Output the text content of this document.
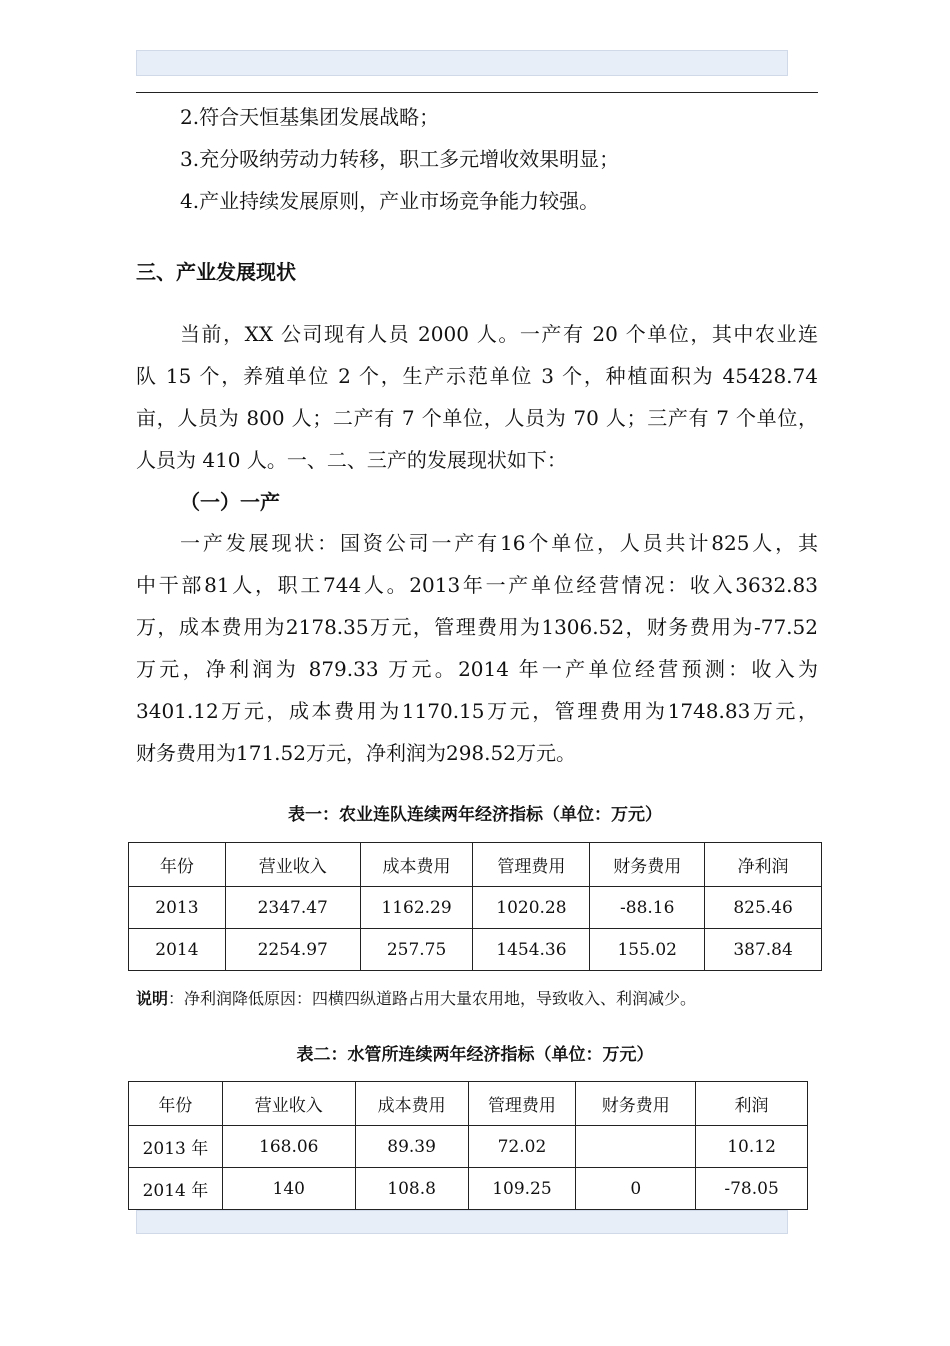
2.符合天恒基集团发展战略；
3.充分吸纳劳动力转移，职工多元增收效果明显；
4.产业持续发展原则，产业市场竞争能力较强。
三、产业发展现状
当前，XX 公司现有人员 2000 人。一产有 20 个单位，其中农业连
队 15 个，养殖单位 2 个，生产示范单位 3 个，种植面积为 45428.74
亩，人员为 800 人；二产有 7 个单位，人员为 70 人；三产有 7 个单位，
人员为 410 人。一、二、三产的发展现状如下：
（一）一产
一产发展现状：国资公司一产有16个单位，人员共计825人，其
中干部81人，职工744人。2013年一产单位经营情况：收入3632.83
万，成本费用为2178.35万元，管理费用为1306.52，财务费用为-77.52
万元，净利润为 879.33 万元。2014 年一产单位经营预测：收入为
3401.12万元，成本费用为1170.15万元，管理费用为1748.83万元，
财务费用为171.52万元，净利润为298.52万元。
表一：农业连队连续两年经济指标（单位：万元）
年份	营业收入	成本费用	管理费用	财务费用	净利润
2013	2347.47	1162.29	1020.28	-88.16	825.46
2014	2254.97	257.75	1454.36	155.02	387.84
说明：净利润降低原因：四横四纵道路占用大量农用地，导致收入、利润减少。
表二：水管所连续两年经济指标（单位：万元）
年份	营业收入	成本费用	管理费用	财务费用	利润
2013 年	168.06	89.39	72.02		10.12
2014 年	140	108.8	109.25	0	-78.05
